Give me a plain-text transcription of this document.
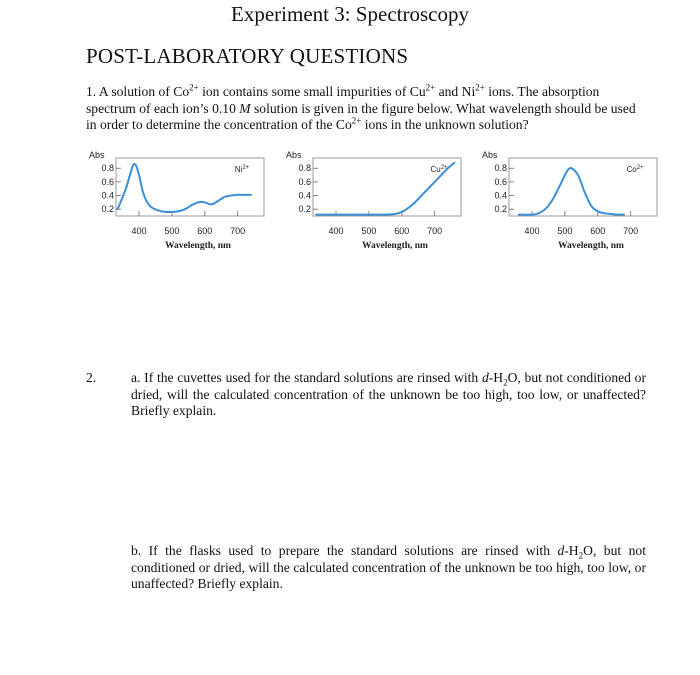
Experiment 3: Spectroscopy
POST-LABORATORY QUESTIONS
1. A solution of $Co^{2+}$ ion contains some small impurities of $Cu^{2+}$ and $Ni^{2+}$ ions. The absorption spectrum of each ion’s 0.10 M solution is given in the figure below. What wavelength should be used in order to determine the concentration of the $Co^{2+}$ ions in the unknown solution?
Abs
0.8
0.6
0.4
0.2
400 500 600 700
Wavelength, nm
$Ni^{2+}$
Abs
0.8
0.6
0.4
0.2
400 500 600 700
Wavelength, nm
$Cu^{2+}$
Abs
0.8
0.6
0.4
0.2
400 500 600 700
Wavelength, nm
$Co^{2+}$
2.	a. If the cuvettes used for the standard solutions are rinsed with $d-H_2O$, but not conditioned or dried, will the calculated concentration of the unknown be too high, too low, or unaffected? Briefly explain.
b. If the flasks used to prepare the standard solutions are rinsed with $d-H_2O$, but not conditioned or dried, will the calculated concentration of the unknown be too high, too low, or unaffected? Briefly explain.
